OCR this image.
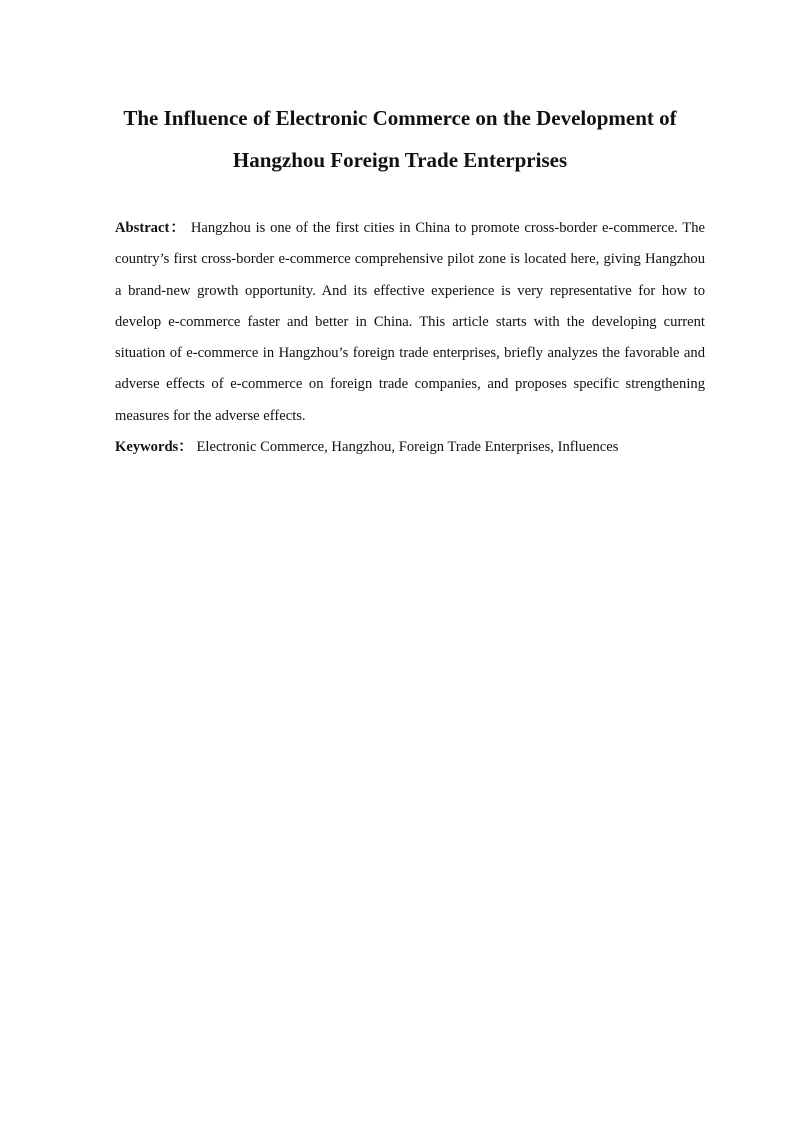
The Influence of Electronic Commerce on the Development of
Hangzhou Foreign Trade Enterprises

Abstract： Hangzhou is one of the first cities in China to promote cross-border e-commerce. The country’s first cross-border e-commerce comprehensive pilot zone is located here, giving Hangzhou a brand-new growth opportunity. And its effective experience is very representative for how to develop e-commerce faster and better in China. This article starts with the developing current situation of e-commerce in Hangzhou’s foreign trade enterprises, briefly analyzes the favorable and adverse effects of e-commerce on foreign trade companies, and proposes specific strengthening measures for the adverse effects.

Keywords： Electronic Commerce, Hangzhou, Foreign Trade Enterprises, Influences
